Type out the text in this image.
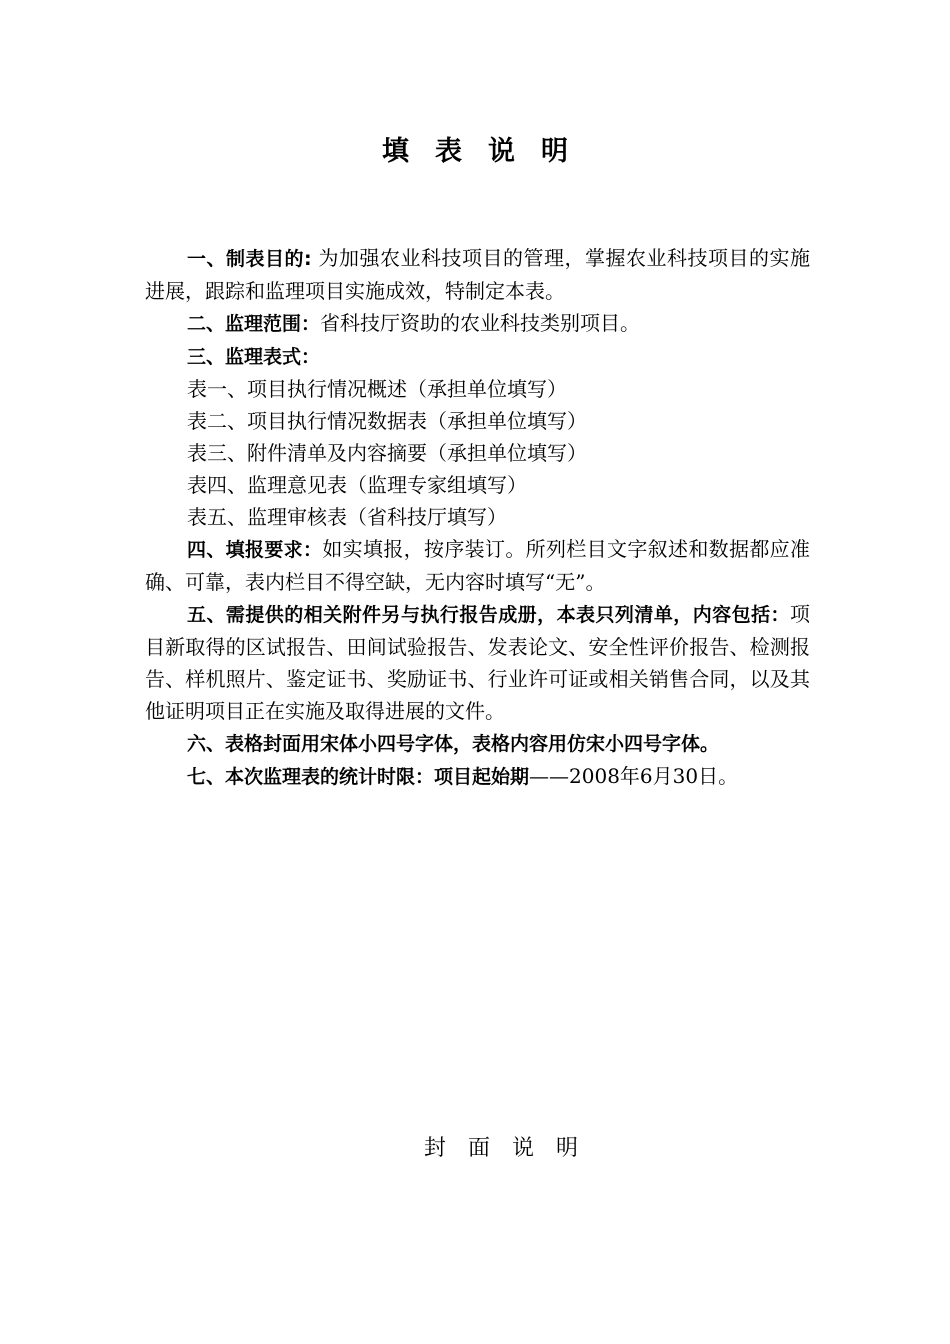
填表说明

一、制表目的: 为加强农业科技项目的管理，掌握农业科技项目的实施进展，跟踪和监理项目实施成效，特制定本表。

二、监理范围：省科技厅资助的农业科技类别项目。

三、监理表式：

表一、项目执行情况概述（承担单位填写）

表二、项目执行情况数据表（承担单位填写）

表三、附件清单及内容摘要（承担单位填写）

表四、监理意见表（监理专家组填写）

表五、监理审核表（省科技厅填写）

四、填报要求：如实填报，按序装订。所列栏目文字叙述和数据都应准确、可靠，表内栏目不得空缺，无内容时填写“无”。

五、需提供的相关附件另与执行报告成册，本表只列清单，内容包括：项目新取得的区试报告、田间试验报告、发表论文、安全性评价报告、检测报告、样机照片、鉴定证书、奖励证书、行业许可证或相关销售合同，以及其他证明项目正在实施及取得进展的文件。

六、表格封面用宋体小四号字体，表格内容用仿宋小四号字体。

七、本次监理表的统计时限：项目起始期——2008年6月30日。

封面说明
